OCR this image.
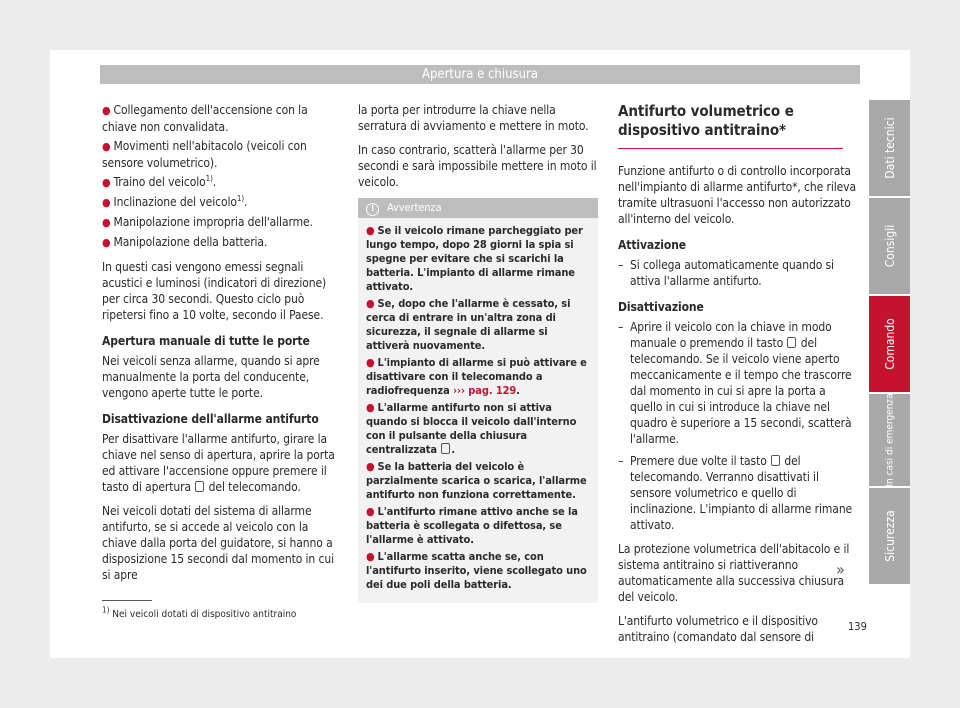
Apertura e chiusura
● Collegamento dell'accensione con la chiave non convalidata.
● Movimenti nell'abitacolo (veicoli con sensore volumetrico).
● Traino del veicolo$^{1)}$.
● Inclinazione del veicolo$^{1)}$.
● Manipolazione impropria dell'allarme.
● Manipolazione della batteria.

In questi casi vengono emessi segnali acustici e luminosi (indicatori di direzione) per circa 30 secondi. Questo ciclo può ripetersi fino a 10 volte, secondo il Paese.

Apertura manuale di tutte le porte

Nei veicoli senza allarme, quando si apre manualmente la porta del conducente, vengono aperte tutte le porte.

Disattivazione dell'allarme antifurto

Per disattivare l'allarme antifurto, girare la chiave nel senso di apertura, aprire la porta ed attivare l'accensione oppure premere il tasto di apertura del telecomando.

Nei veicoli dotati del sistema di allarme antifurto, se si accede al veicolo con la chiave dalla porta del guidatore, si hanno a disposizione 15 secondi dal momento in cui si apre

la porta per introdurre la chiave nella serratura di avviamento e mettere in moto.

In caso contrario, scatterà l'allarme per 30 secondi e sarà impossibile mettere in moto il veicolo.

! Avvertenza
● Se il veicolo rimane parcheggiato per lungo tempo, dopo 28 giorni la spia si spegne per evitare che si scarichi la batteria. L'impianto di allarme rimane attivato.
● Se, dopo che l'allarme è cessato, si cerca di entrare in un'altra zona di sicurezza, il segnale di allarme si attiverà nuovamente.
● L'impianto di allarme si può attivare e disattivare con il telecomando a radiofrequenza ››› pag. 129.
● L'allarme antifurto non si attiva quando si blocca il veicolo dall'interno con il pulsante della chiusura centralizzata .
● Se la batteria del veicolo è parzialmente scarica o scarica, l'allarme antifurto non funziona correttamente.
● L'antifurto rimane attivo anche se la batteria è scollegata o difettosa, se l'allarme è attivato.
● L'allarme scatta anche se, con l'antifurto inserito, viene scollegato uno dei due poli della batteria.
Antifurto volumetrico e dispositivo antitraino*

Funzione antifurto o di controllo incorporata nell'impianto di allarme antifurto*, che rileva tramite ultrasuoni l'accesso non autorizzato all'interno del veicolo.

Attivazione
– Si collega automaticamente quando si attiva l'allarme antifurto.
Disattivazione
– Aprire il veicolo con la chiave in modo manuale o premendo il tasto del telecomando. Se il veicolo viene aperto meccanicamente e il tempo che trascorre dal momento in cui si apre la porta a quello in cui si introduce la chiave nel quadro è superiore a 15 secondi, scatterà l'allarme.
– Premere due volte il tasto del telecomando. Verranno disattivati il sensore volumetrico e quello di inclinazione. L'impianto di allarme rimane attivato.

La protezione volumetrica dell'abitacolo e il sistema antitraino si riattiveranno automaticamente alla successiva chiusura del veicolo.

L'antifurto volumetrico e il dispositivo antitraino (comandato dal sensore di

»
Dati tecnici
Consigli
Comando
In casi di emergenza
Sicurezza
$^{1)}$ Nei veicoli dotati di dispositivo antitraino
139
